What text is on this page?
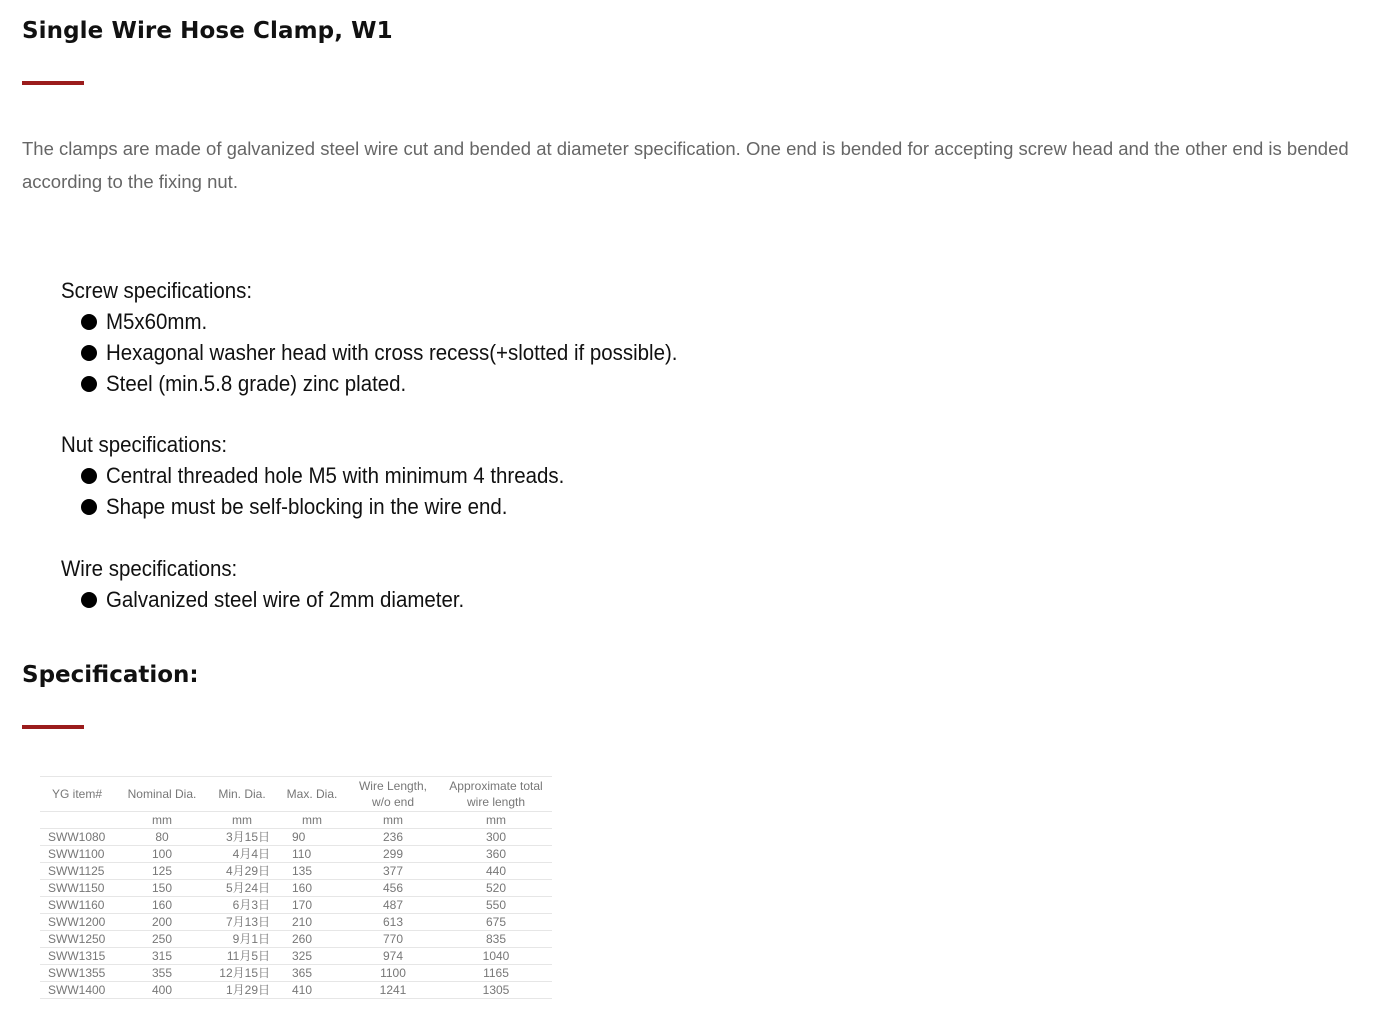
Single Wire Hose Clamp, W1

The clamps are made of galvanized steel wire cut and bended at diameter specification. One end is bended for accepting screw head and the other end is bended according to the fixing nut.

Screw specifications:
M5x60mm.
Hexagonal washer head with cross recess(+slotted if possible).
Steel (min.5.8 grade) zinc plated.
Nut specifications:
Central threaded hole M5 with minimum 4 threads.
Shape must be self-blocking in the wire end.
Wire specifications:
Galvanized steel wire of 2mm diameter.
Specification:
YG item#	Nominal Dia.	Min. Dia.	Max. Dia.	Wire Length, w/o end	Approximate total wire length
	mm	mm	mm	mm	mm
SWW1080	80	3月15日	90	236	300
SWW1100	100	4月4日	110	299	360
SWW1125	125	4月29日	135	377	440
SWW1150	150	5月24日	160	456	520
SWW1160	160	6月3日	170	487	550
SWW1200	200	7月13日	210	613	675
SWW1250	250	9月1日	260	770	835
SWW1315	315	11月5日	325	974	1040
SWW1355	355	12月15日	365	1100	1165
SWW1400	400	1月29日	410	1241	1305
